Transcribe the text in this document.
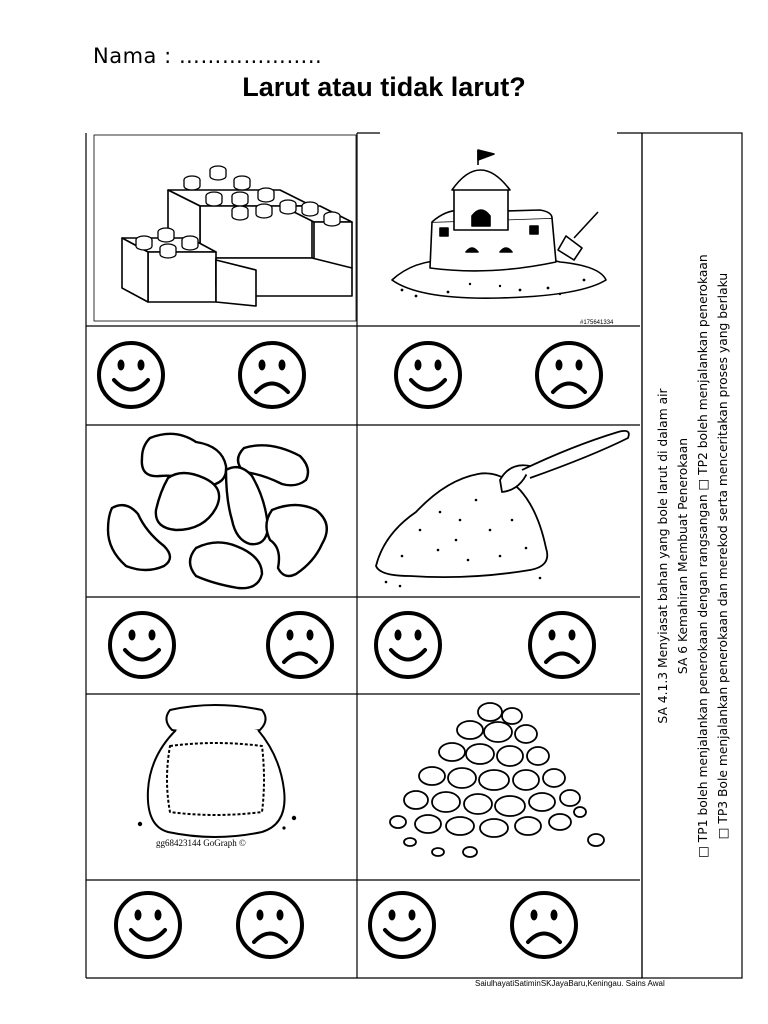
Nama : ………………..
Larut atau tidak larut?
#175641334
gg68423144 GoGraph ©
SA 4.1.3 Menyiasat bahan yang bole larut di dalam air SA 6 Kemahiran Membuat Penerokaan □ TP1 boleh menjalankan penerokaan dengan rangsangan □ TP2 boleh menjalankan penerokaan □ TP3 Bole menjalankan penerokaan dan merekod serta menceritakan proses yang berlaku
SaiulhayatiSatiminSKJayaBaru,Keningau. Sains Awal
